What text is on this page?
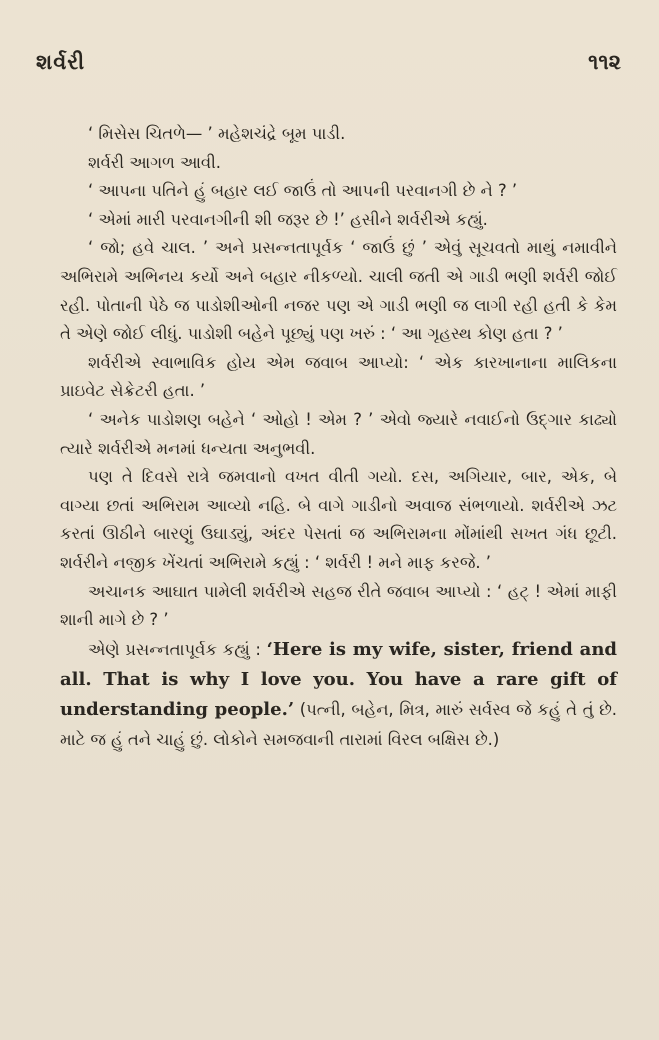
શર્વરી	૧૧૨

‘ મિસેસ ચિતળે— ’ મહેશચંદ્રે બૂમ પાડી.

શર્વરી આગળ આવી.

‘ આપના પતિને હું બહાર લઈ જાઉં તો આપની પરવાનગી છે ને ? ’

‘ એમાં મારી પરવાનગીની શી જરૂર છે !’ હસીને શર્વરીએ કહ્યું.

‘ જો; હવે ચાલ. ’ અને પ્રસન્નતાપૂર્વક ‘ જાઉં છું ’ એવું સૂચવતો માથું નમાવીને અભિરામે અભિનય કર્યો અને બહાર નીકળ્યો. ચાલી જતી એ ગાડી ભણી શર્વરી જોઈ રહી. પોતાની પેઠે જ પાડોશીઓની નજર પણ એ ગાડી ભણી જ લાગી રહી હતી કે કેમ તે એણે જોઈ લીધું. પાડોશી બહેને પૂછ્યું પણ ખરું : ‘ આ ગૃહસ્થ કોણ હતા ? ’

શર્વરીએ સ્વાભાવિક હોય એમ જવાબ આપ્યો: ‘ એક કારખાનાના માલિકના પ્રાઇવેટ સેક્રેટરી હતા. ’

‘ અનેક પાડોશણ બહેને ‘ ઓહો ! એમ ? ’ એવો જ્યારે નવાઈનો ઉદ્ગાર કાઢ્યો ત્યારે શર્વરીએ મનમાં ધન્યતા અનુભવી.

પણ તે દિવસે રાત્રે જમવાનો વખત વીતી ગયો. દસ, અગિયાર, બાર, એક, બે વાગ્યા છતાં અભિરામ આવ્યો નહિ. બે વાગે ગાડીનો અવાજ સંભળાયો. શર્વરીએ ઝટ કરતાં ઊઠીને બારણું ઉઘાડ્યું, અંદર પેસતાં જ અભિરામના મોંમાંથી સખત ગંધ છૂટી. શર્વરીને નજીક ખેંચતાં અભિરામે કહ્યું : ‘ શર્વરી ! મને માફ કરજે. ’

અચાનક આઘાત પામેલી શર્વરીએ સહજ રીતે જવાબ આપ્યો : ‘ હટ્ ! એમાં માફી શાની માગે છે ? ’

એણે પ્રસન્નતાપૂર્વક કહ્યું : ‘Here is my wife, sister, friend and all. That is why I love you. You have a rare gift of understanding people.’ (પત્ની, બહેન, મિત્ર, મારું સર્વસ્વ જે કહું તે તું છે. માટે જ હું તને ચાહું છું. લોકોને સમજવાની તારામાં વિરલ બક્ષિસ છે.)
